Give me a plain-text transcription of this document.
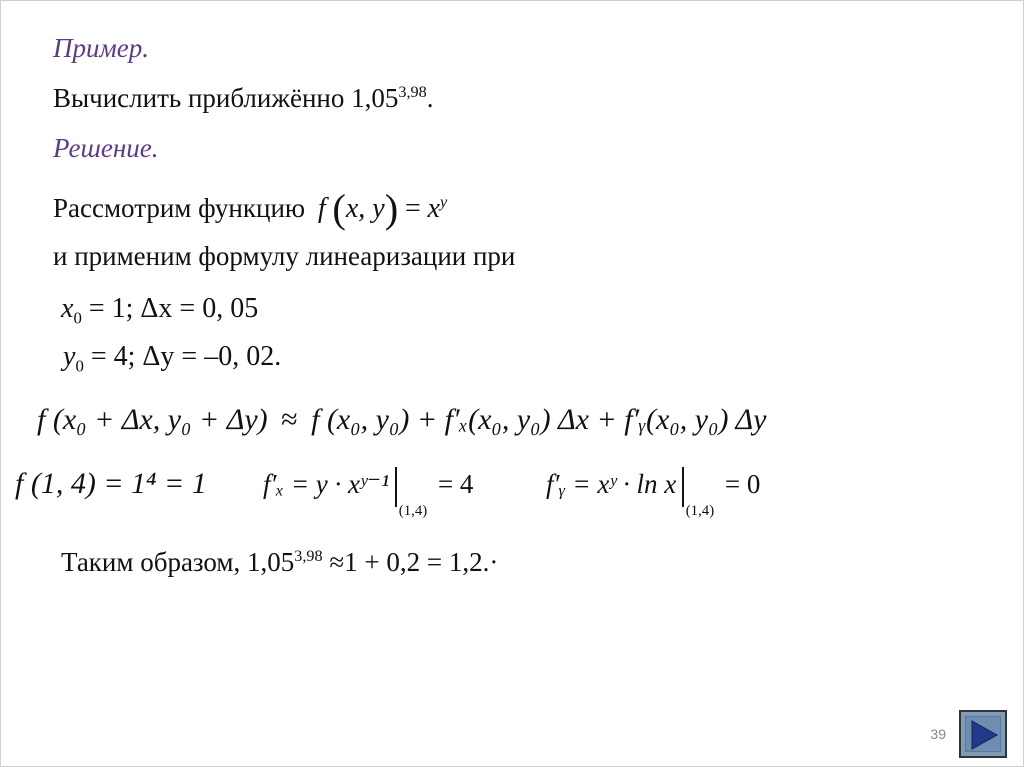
Пример.
Вычислить приближённо 1,05$^{3,98}$.
Решение.
Рассмотрим функцию f (x, $y) = x^y$
и применим формулу линеаризации при
$x_0 = 1$; Δx = 0, 05
$y_0 = 4$; Δy = –0, 02.
f (x₀ + Δx, y₀ + Δy) ≈ f (x₀, y₀) + f′ₓ(x₀, y₀) Δx + f′ᵧ(x₀, y₀) Δy
f (1, 4) = 1⁴ = 1 $f'_x = y \cdot xʸ^{-1}_{(1,4)} = 4$	f′ᵧ = xʸ · $\ln x_{(1,4)} = 0$
Таким образом, $1,05^{3,98} \approx 1 + 0,2 = 1,2.\cdot$
39
